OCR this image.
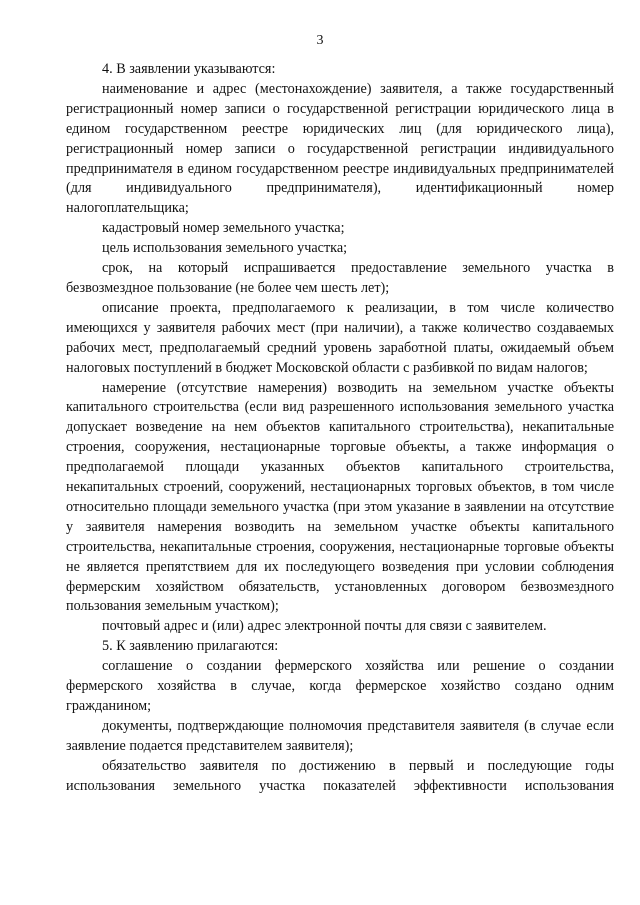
3

4. В заявлении указываются:

наименование и адрес (местонахождение) заявителя, а также государственный регистрационный номер записи о государственной регистрации юридического лица в едином государственном реестре юридических лиц (для юридического лица), регистрационный номер записи о государственной регистрации индивидуального предпринимателя в едином государственном реестре индивидуальных предпринимателей (для индивидуального предпринимателя), идентификационный номер налогоплательщика;

кадастровый номер земельного участка;

цель использования земельного участка;

срок, на который испрашивается предоставление земельного участка в безвозмездное пользование (не более чем шесть лет);

описание проекта, предполагаемого к реализации, в том числе количество имеющихся у заявителя рабочих мест (при наличии), а также количество создаваемых рабочих мест, предполагаемый средний уровень заработной платы, ожидаемый объем налоговых поступлений в бюджет Московской области с разбивкой по видам налогов;

намерение (отсутствие намерения) возводить на земельном участке объекты капитального строительства (если вид разрешенного использования земельного участка допускает возведение на нем объектов капитального строительства), некапитальные строения, сооружения, нестационарные торговые объекты, а также информация о предполагаемой площади указанных объектов капитального строительства, некапитальных строений, сооружений, нестационарных торговых объектов, в том числе относительно площади земельного участка (при этом указание в заявлении на отсутствие у заявителя намерения возводить на земельном участке объекты капитального строительства, некапитальные строения, сооружения, нестационарные торговые объекты не является препятствием для их последующего возведения при условии соблюдения фермерским хозяйством обязательств, установленных договором безвозмездного пользования земельным участком);

почтовый адрес и (или) адрес электронной почты для связи с заявителем.

5. К заявлению прилагаются:

соглашение о создании фермерского хозяйства или решение о создании фермерского хозяйства в случае, когда фермерское хозяйство создано одним гражданином;

документы, подтверждающие полномочия представителя заявителя (в случае если заявление подается представителем заявителя);

обязательство заявителя по достижению в первый и последующие годы использования земельного участка показателей эффективности использования
